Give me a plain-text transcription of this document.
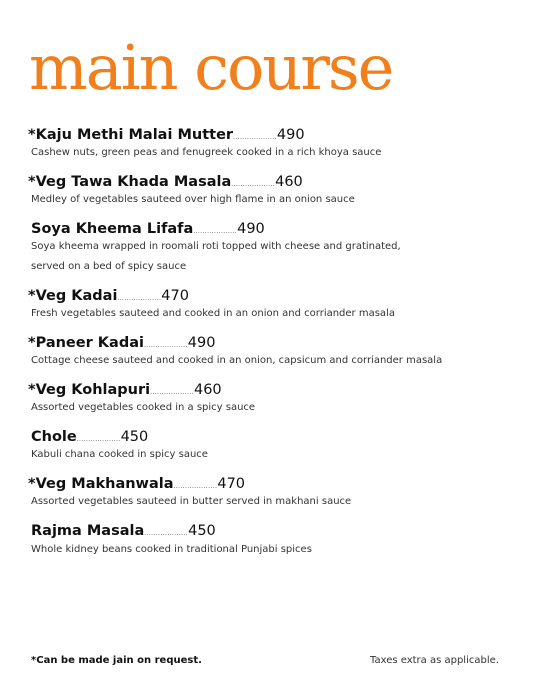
main course
*Kaju Methi Malai Mutter...................490
Cashew nuts, green peas and fenugreek cooked in a rich khoya sauce
*Veg Tawa Khada Masala...................460
Medley of vegetables sauteed over high flame in an onion sauce
Soya Kheema Lifafa...................490
Soya kheema wrapped in roomali roti topped with cheese and gratinated,
served on a bed of spicy sauce
*Veg Kadai...................470
Fresh vegetables sauteed and cooked in an onion and corriander masala
*Paneer Kadai...................490
Cottage cheese sauteed and cooked in an onion, capsicum and corriander masala
*Veg Kohlapuri...................460
Assorted vegetables cooked in a spicy sauce
Chole...................450
Kabuli chana cooked in spicy sauce
*Veg Makhanwala...................470
Assorted vegetables sauteed in butter served in makhani sauce
Rajma Masala...................450
Whole kidney beans cooked in traditional Punjabi spices
*Can be made jain on request.	Taxes extra as applicable.
